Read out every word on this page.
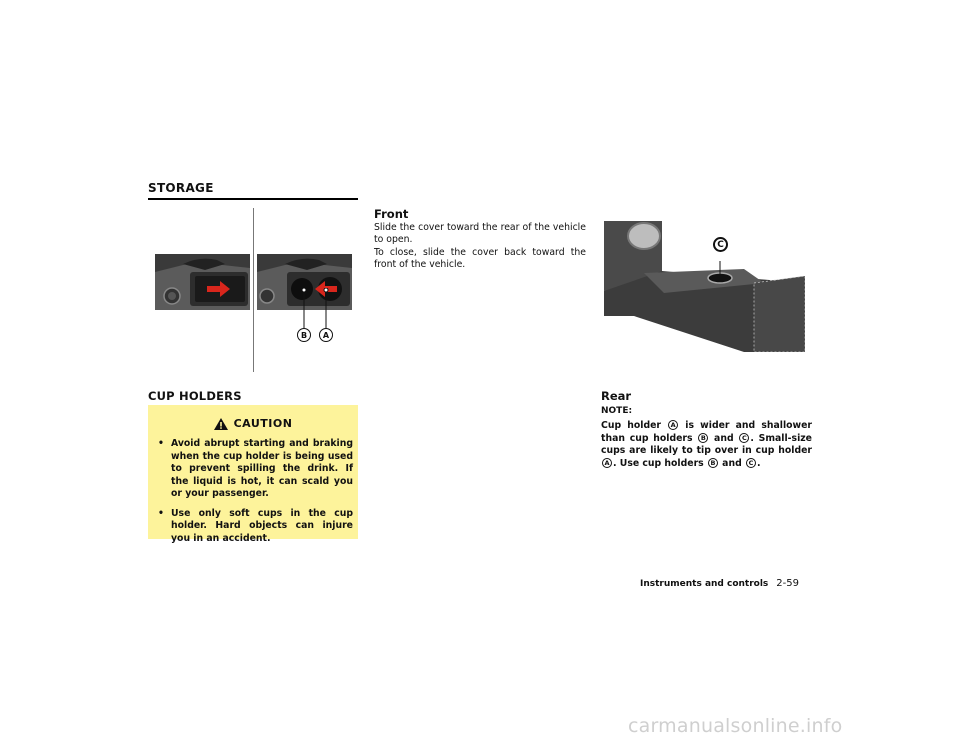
STORAGE
B	A
CUP HOLDERS
CAUTION
• Avoid abrupt starting and braking when the cup holder is being used to prevent spilling the drink. If the liquid is hot, it can scald you or your passenger.
• Use only soft cups in the cup holder. Hard objects can injure you in an accident.
Front
Slide the cover toward the rear of the vehicle to open.
To close, slide the cover back toward the front of the vehicle.
C
Rear
NOTE:
Cup holder A is wider and shallower than cup holders B and C . Small-size cups are likely to tip over in cup holder A . Use cup holders B and C .
Instruments and controls 2-59
carmanualsonline.info
